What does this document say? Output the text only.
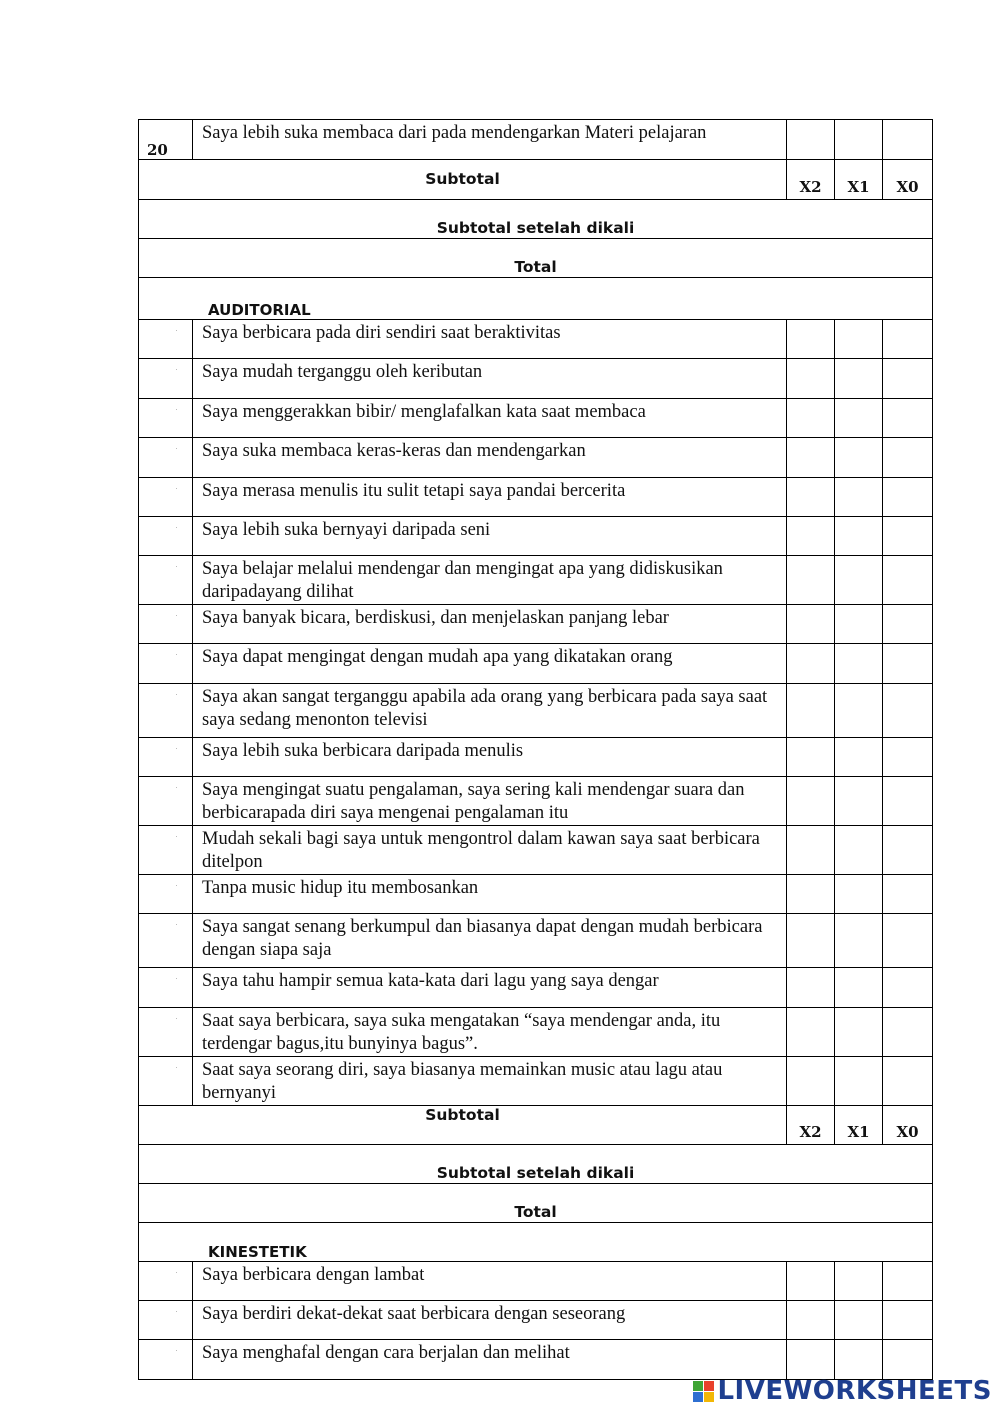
20	Saya lebih suka membaca dari pada mendengarkan Materi pelajaran			
Subtotal		X2	X1	X0
Subtotal setelah dikali				
Total				
AUDITORIAL				

	Saya berbicara pada diri sendiri saat beraktivitas			

	Saya mudah terganggu oleh keributan			

	Saya menggerakkan bibir/ menglafalkan kata saat membaca			

	Saya suka membaca keras-keras dan mendengarkan			

	Saya merasa menulis itu sulit tetapi saya pandai bercerita			

	Saya lebih suka bernyayi daripada seni			

	Saya belajar melalui mendengar dan mengingat apa yang didiskusikan daripadayang dilihat			

	Saya banyak bicara, berdiskusi, dan menjelaskan panjang lebar			

	Saya dapat mengingat dengan mudah apa yang dikatakan orang			

	Saya akan sangat terganggu apabila ada orang yang berbicara pada saya saat saya sedang menonton televisi			

	Saya lebih suka berbicara daripada menulis			

	Saya mengingat suatu pengalaman, saya sering kali mendengar suara dan berbicarapada diri saya mengenai pengalaman itu			

	Mudah sekali bagi saya untuk mengontrol dalam kawan saya saat berbicara ditelpon			

	Tanpa music hidup itu membosankan			

	Saya sangat senang berkumpul dan biasanya dapat dengan mudah berbicara dengan siapa saja			

	Saya tahu hampir semua kata-kata dari lagu yang saya dengar			

	Saat saya berbicara, saya suka mengatakan “saya mendengar anda, itu terdengar bagus,itu bunyinya bagus”.			

	Saat saya seorang diri, saya biasanya memainkan music atau lagu atau bernyanyi			
Subtotal		X2	X1	X0
Subtotal setelah dikali				
Total				
KINESTETIK				

	Saya berbicara dengan lambat			

	Saya berdiri dekat-dekat saat berbicara dengan seseorang			

	Saya menghafal dengan cara berjalan dan melihat			
LIVEWORKSHEETS
